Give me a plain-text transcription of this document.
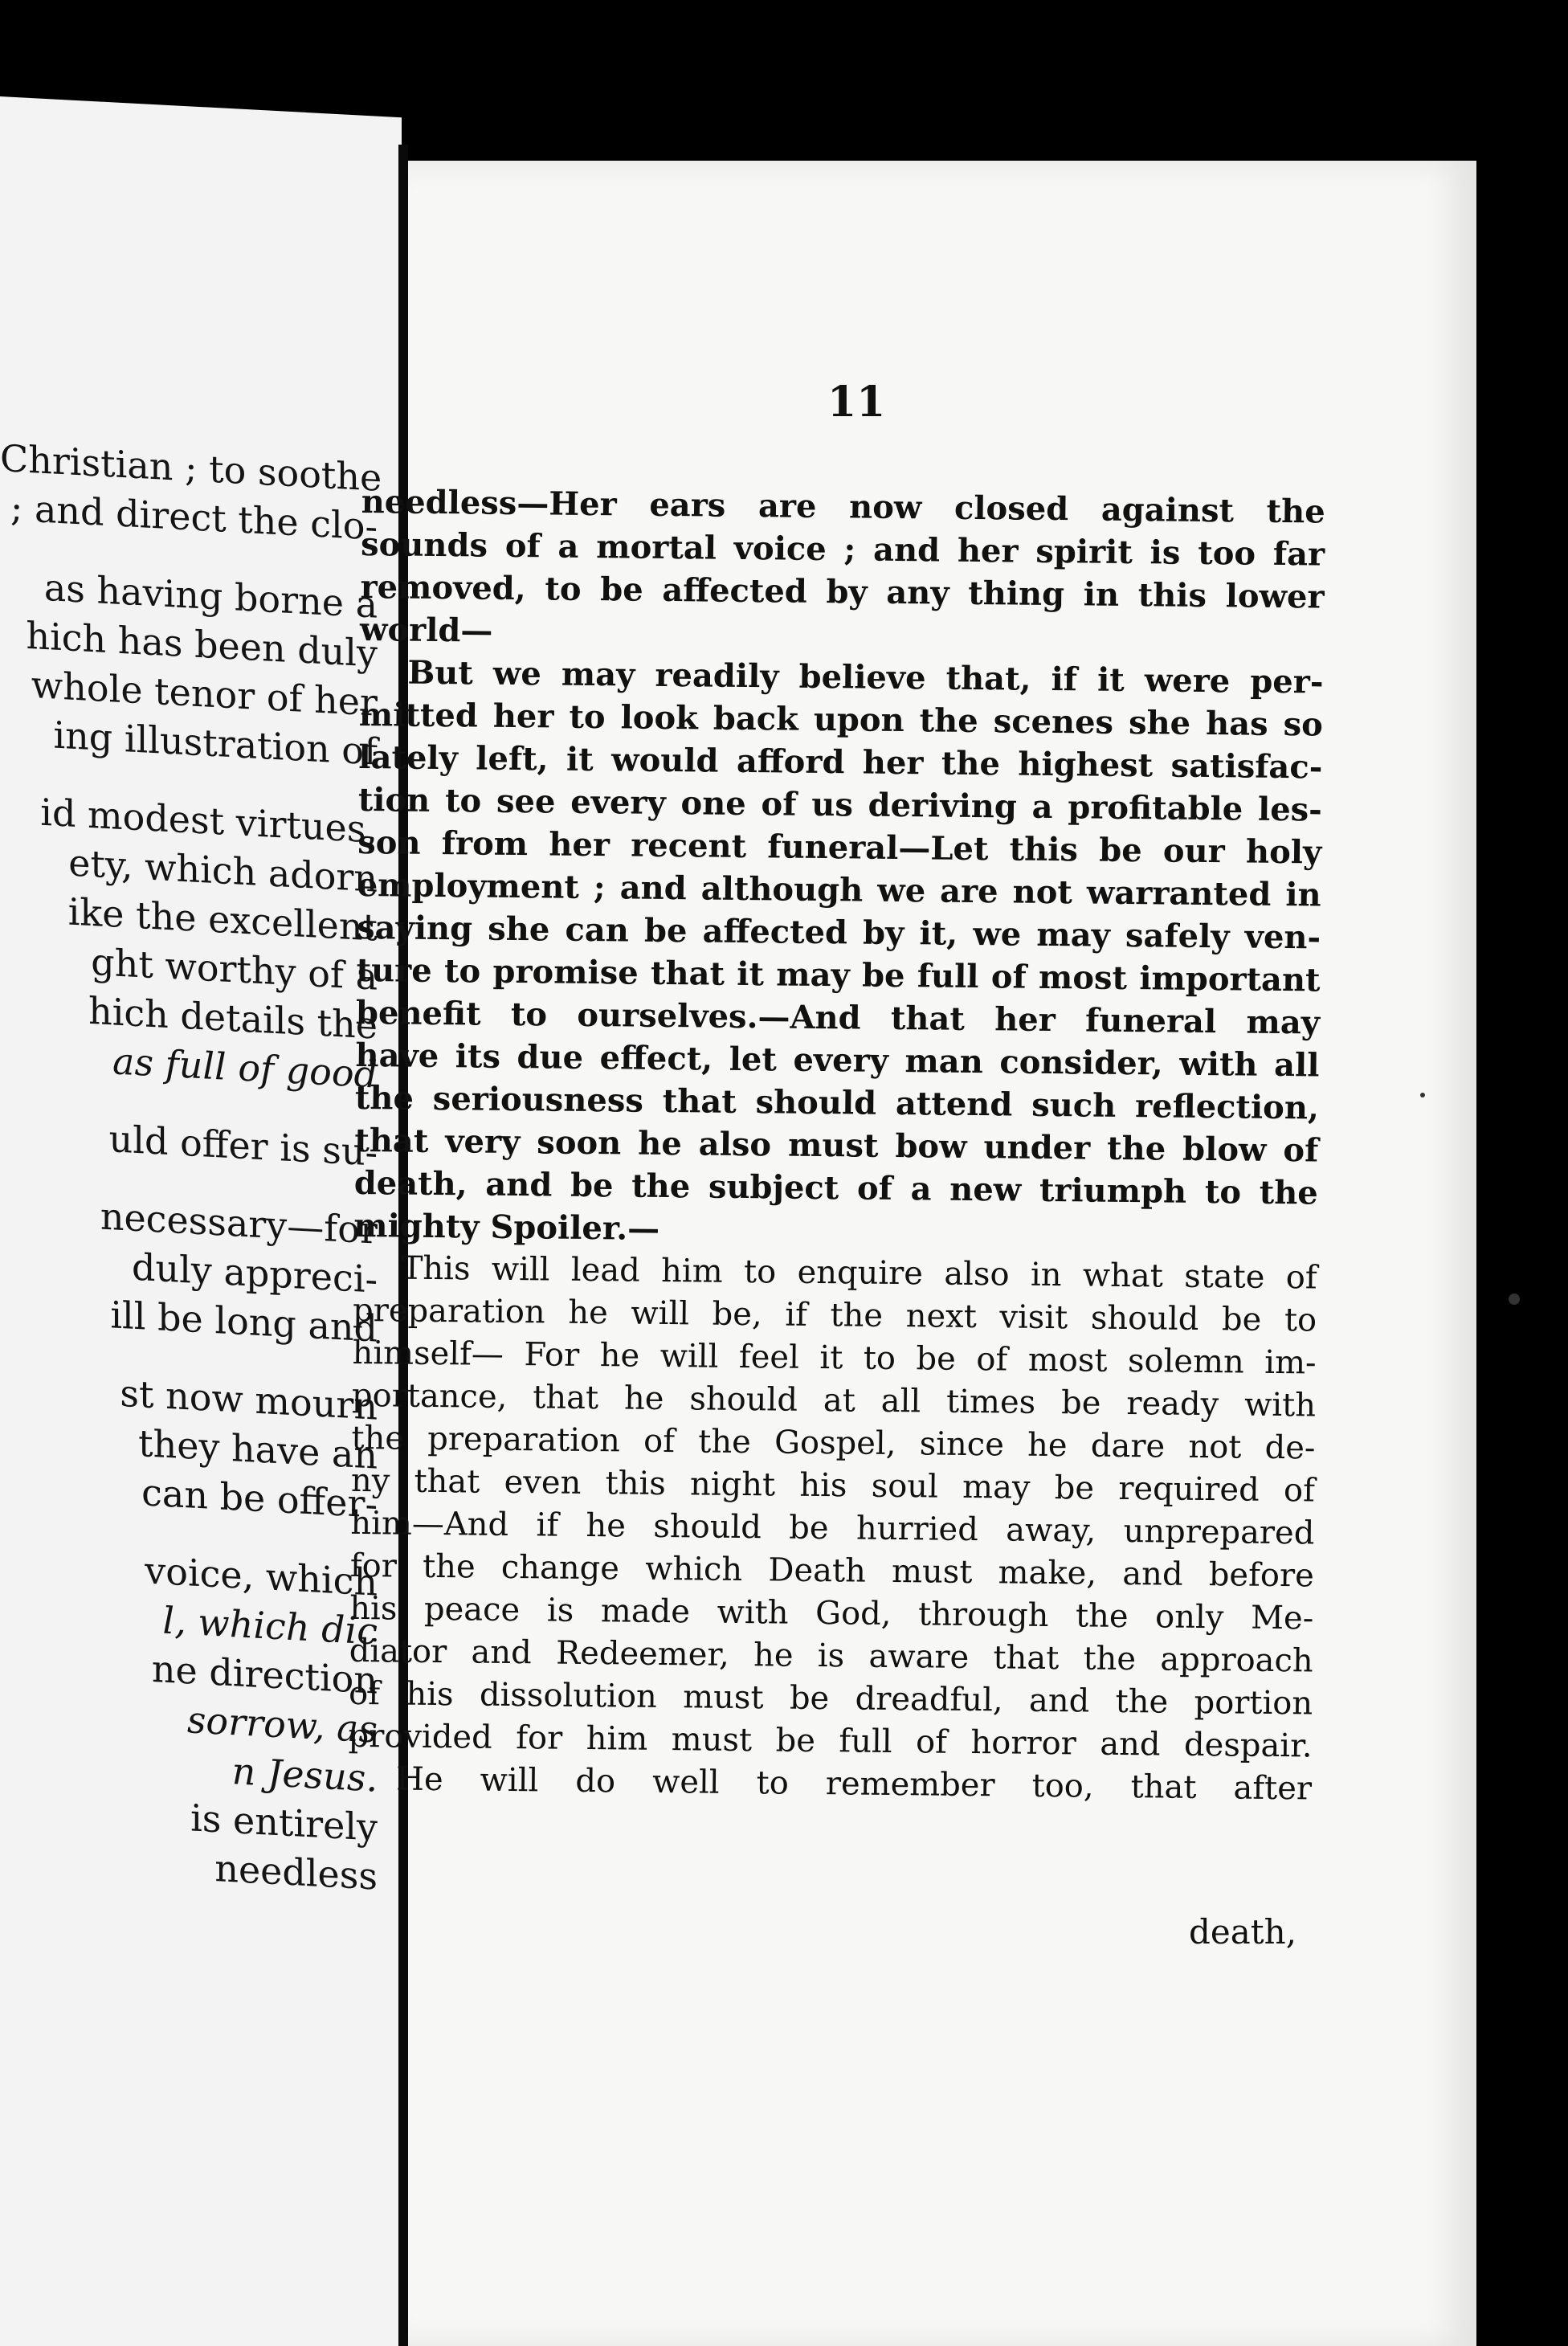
Christian ; to soothe
; and direct the clo-
as having borne a
hich has been duly
whole tenor of her
ing illustration of
id modest virtues,
ety, which adorn
ike the excellent
ght worthy of a
hich details the
as full of good
uld offer is su-
necessary—for
duly appreci-
ill be long and
st now mourn
they have an
can be offer-
voice, which
l, which dic
ne direction
sorrow, as
n Jesus.
is entirely
needless
11
needless—Her ears are now closed against the
sounds of a mortal voice ; and her spirit is too far
removed, to be affected by any thing in this lower
world—
But we may readily believe that, if it were per-
mitted her to look back upon the scenes she has so
lately left, it would afford her the highest satisfac-
tion to see every one of us deriving a profitable les-
son from her recent funeral—Let this be our holy
employment ; and although we are not warranted in
saying she can be affected by it, we may safely ven-
ture to promise that it may be full of most important
benefit to ourselves.—And that her funeral may
have its due effect, let every man consider, with all
the seriousness that should attend such reflection,
that very soon he also must bow under the blow of
death, and be the subject of a new triumph to the
mighty Spoiler.—
This will lead him to enquire also in what state of
preparation he will be, if the next visit should be to
himself— For he will feel it to be of most solemn im-
portance, that he should at all times be ready with
the preparation of the Gospel, since he dare not de-
ny that even this night his soul may be required of
him—And if he should be hurried away, unprepared
for the change which Death must make, and before
his peace is made with God, through the only Me-
diator and Redeemer, he is aware that the approach
of his dissolution must be dreadful, and the portion
provided for him must be full of horror and despair.
He will do well to remember too, that after
death,
